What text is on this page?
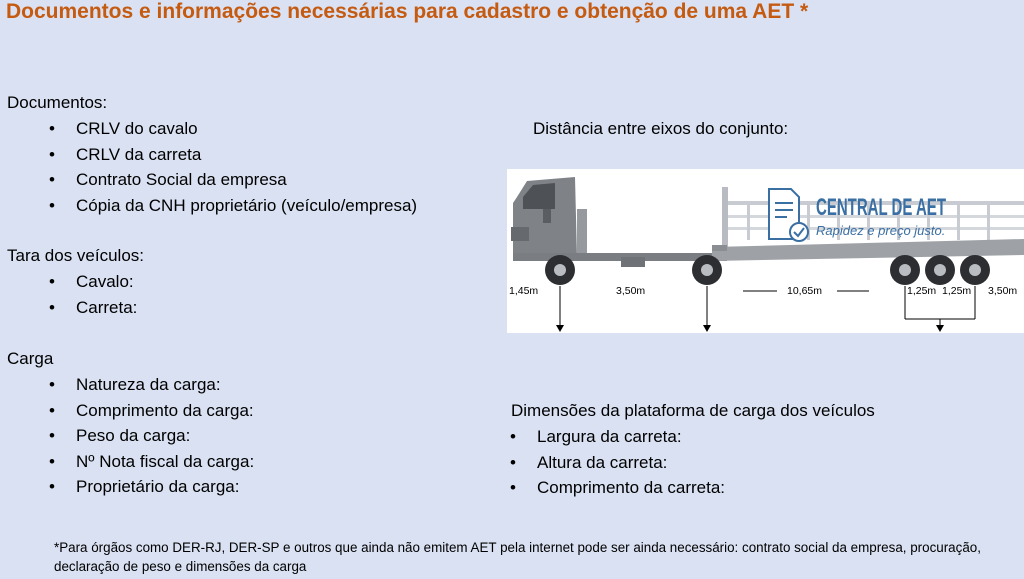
Documentos e informações necessárias para cadastro e obtenção de uma AET *
Documentos:
• CRLV do cavalo
• CRLV da carreta
• Contrato Social da empresa
• Cópia da CNH proprietário (veículo/empresa)
Tara dos veículos:
• Cavalo:
• Carreta:
Carga
• Natureza da carga:
• Comprimento da carga:
• Peso da carga:
• Nº Nota fiscal da carga:
• Proprietário da carga:
Distância entre eixos do conjunto:
CENTRAL DE AET
Rapidez e preço justo.
1,45m	3,50m	10,65m	1,25m 1,25m 3,50m
Dimensões da plataforma de carga dos veículos
• Largura da carreta:
• Altura da carreta:
• Comprimento da carreta:
*Para órgãos como DER-RJ, DER-SP e outros que ainda não emitem AET pela internet pode ser ainda necessário: contrato social da empresa, procuração, declaração de peso e dimensões da carga
